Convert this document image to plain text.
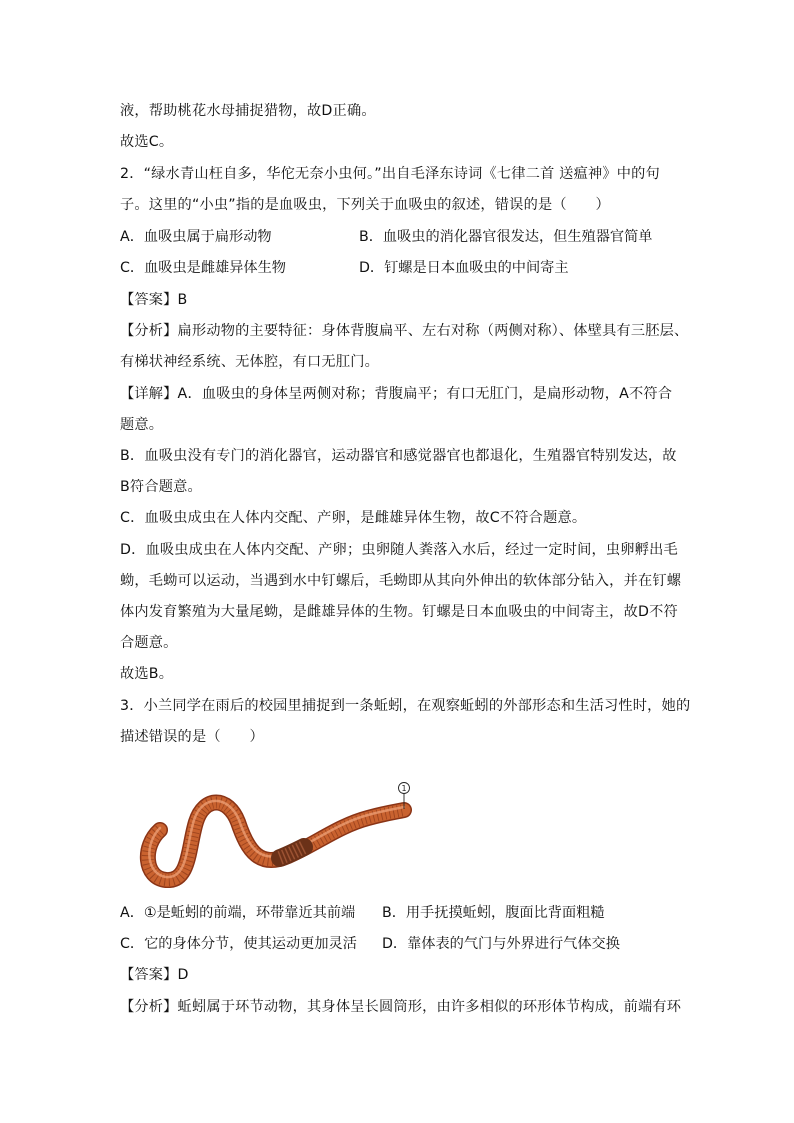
液，帮助桃花水母捕捉猎物，故D正确。
故选C。
2．“绿水青山枉自多，华佗无奈小虫何。”出自毛泽东诗词《七律二首 送瘟神》中的句
子。这里的“小虫”指的是血吸虫，下列关于血吸虫的叙述，错误的是（　　）
A．血吸虫属于扁形动物	B．血吸虫的消化器官很发达，但生殖器官简单
C．血吸虫是雌雄异体生物	D．钉螺是日本血吸虫的中间寄主
【答案】B
【分析】扁形动物的主要特征：身体背腹扁平、左右对称（两侧对称）、体壁具有三胚层、
有梯状神经系统、无体腔，有口无肛门。
【详解】A．血吸虫的身体呈两侧对称；背腹扁平；有口无肛门，是扁形动物，A不符合
题意。
B．血吸虫没有专门的消化器官，运动器官和感觉器官也都退化，生殖器官特别发达，故
B符合题意。
C．血吸虫成虫在人体内交配、产卵，是雌雄异体生物，故C不符合题意。
D．血吸虫成虫在人体内交配、产卵；虫卵随人粪落入水后，经过一定时间，虫卵孵出毛
蚴，毛蚴可以运动，当遇到水中钉螺后，毛蚴即从其向外伸出的软体部分钻入，并在钉螺
体内发育繁殖为大量尾蚴，是雌雄异体的生物。钉螺是日本血吸虫的中间寄主，故D不符
合题意。
故选B。
3．小兰同学在雨后的校园里捕捉到一条蚯蚓，在观察蚯蚓的外部形态和生活习性时，她的
描述错误的是（　　）
1
A．①是蚯蚓的前端，环带靠近其前端 B．用手抚摸蚯蚓，腹面比背面粗糙
C．它的身体分节，使其运动更加灵活 D．靠体表的气门与外界进行气体交换
【答案】D
【分析】蚯蚓属于环节动物，其身体呈长圆筒形，由许多相似的环形体节构成，前端有环
